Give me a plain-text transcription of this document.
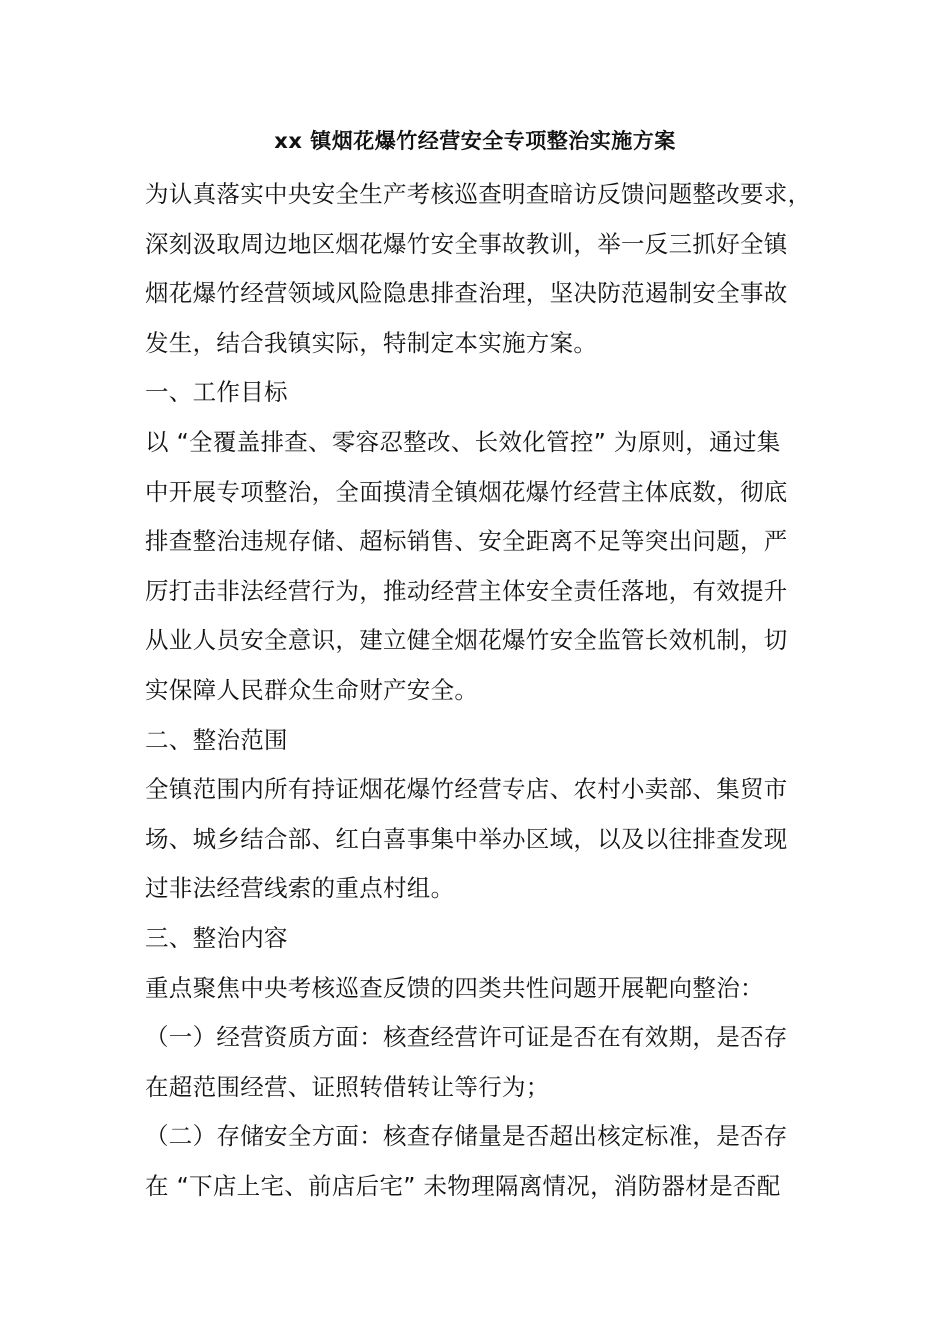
xx 镇烟花爆竹经营安全专项整治实施方案
为认真落实中央安全生产考核巡查明查暗访反馈问题整改要求，
深刻汲取周边地区烟花爆竹安全事故教训，举一反三抓好全镇
烟花爆竹经营领域风险隐患排查治理，坚决防范遏制安全事故
发生，结合我镇实际，特制定本实施方案。
一、工作目标
以 “全覆盖排查、零容忍整改、长效化管控” 为原则，通过集
中开展专项整治，全面摸清全镇烟花爆竹经营主体底数，彻底
排查整治违规存储、超标销售、安全距离不足等突出问题，严
厉打击非法经营行为，推动经营主体安全责任落地，有效提升
从业人员安全意识，建立健全烟花爆竹安全监管长效机制，切
实保障人民群众生命财产安全。
二、整治范围
全镇范围内所有持证烟花爆竹经营专店、农村小卖部、集贸市
场、城乡结合部、红白喜事集中举办区域，以及以往排查发现
过非法经营线索的重点村组。
三、整治内容
重点聚焦中央考核巡查反馈的四类共性问题开展靶向整治：
（一）经营资质方面：核查经营许可证是否在有效期，是否存
在超范围经营、证照转借转让等行为；
（二）存储安全方面：核查存储量是否超出核定标准，是否存
在 “下店上宅、前店后宅” 未物理隔离情况，消防器材是否配
